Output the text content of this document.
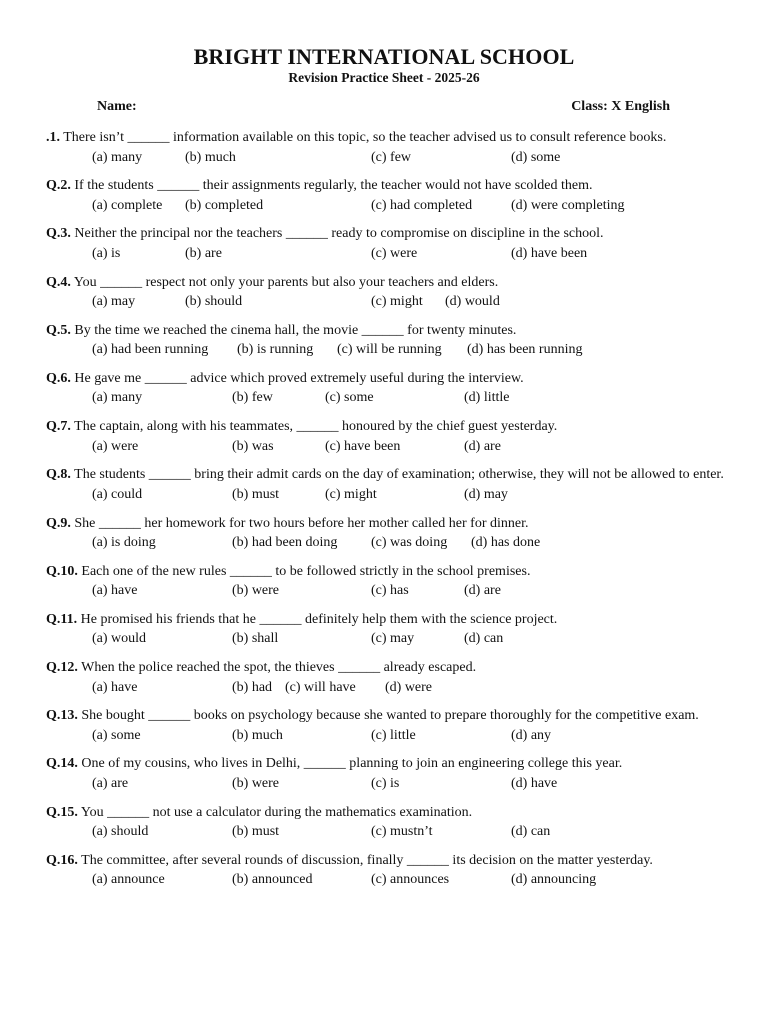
BRIGHT INTERNATIONAL SCHOOL
Revision Practice Sheet - 2025-26
Name:	Class: X English
.1. There isn’t ______ information available on this topic, so the teacher advised us to consult reference books.
(a) many	(b) much	(c) few	(d) some
Q.2. If the students ______ their assignments regularly, the teacher would not have scolded them.
(a) complete (b) completed	(c) had completed	(d) were completing
Q.3. Neither the principal nor the teachers ______ ready to compromise on discipline in the school.
(a) is	(b) are	(c) were	(d) have been
Q.4. You ______ respect not only your parents but also your teachers and elders.
(a) may	(b) should	(c) might (d) would
Q.5. By the time we reached the cinema hall, the movie ______ for twenty minutes.
(a) had been running (b) is running (c) will be running (d) has been running
Q.6. He gave me ______ advice which proved extremely useful during the interview.
(a) many	(b) few	(c) some	(d) little
Q.7. The captain, along with his teammates, ______ honoured by the chief guest yesterday.
(a) were	(b) was	(c) have been	(d) are
Q.8. The students ______ bring their admit cards on the day of examination; otherwise, they will not be allowed to enter.
(a) could	(b) must	(c) might	(d) may
Q.9. She ______ her homework for two hours before her mother called her for dinner.
(a) is doing	(b) had been doing (c) was doing (d) has done
Q.10. Each one of the new rules ______ to be followed strictly in the school premises.
(a) have	(b) were	(c) has	(d) are
Q.11. He promised his friends that he ______ definitely help them with the science project.
(a) would	(b) shall	(c) may	(d) can
Q.12. When the police reached the spot, the thieves ______ already escaped.
(a) have	(b) had (c) will have (d) were
Q.13. She bought ______ books on psychology because she wanted to prepare thoroughly for the competitive exam.
(a) some	(b) much	(c) little	(d) any
Q.14. One of my cousins, who lives in Delhi, ______ planning to join an engineering college this year.
(a) are	(b) were	(c) is	(d) have
Q.15. You ______ not use a calculator during the mathematics examination.
(a) should	(b) must	(c) mustn’t	(d) can
Q.16. The committee, after several rounds of discussion, finally ______ its decision on the matter yesterday.
(a) announce	(b) announced	(c) announces	(d) announcing
